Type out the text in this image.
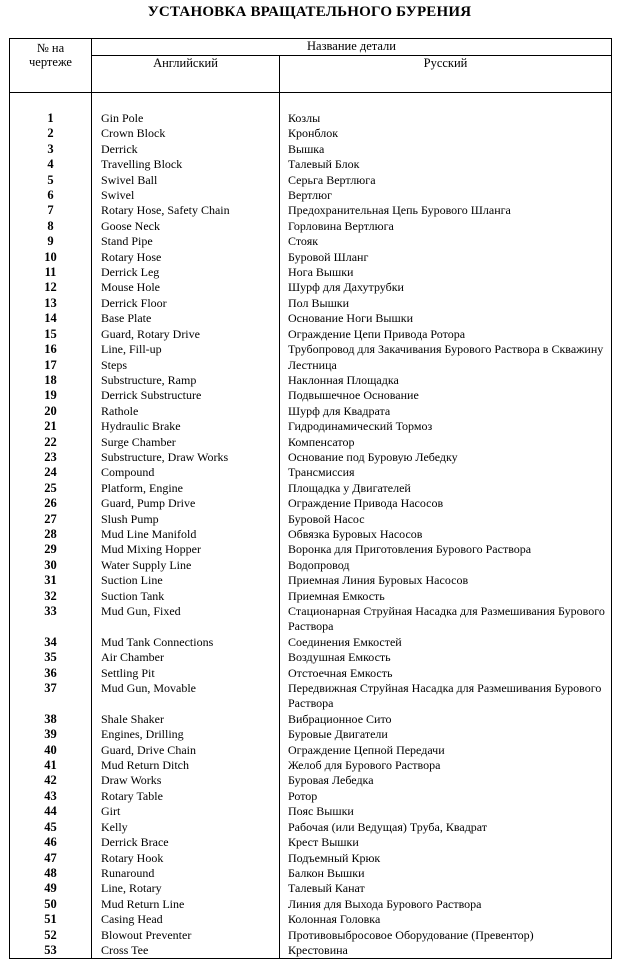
УСТАНОВКА ВРАЩАТЕЛЬНОГО БУРЕНИЯ
№ на
чертеже	Название детали	
	Английский	Русский
1	Gin Pole	Козлы
2	Crown Block	Кронблок
3	Derrick	Вышка
4	Travelling Block	Талевый Блок
5	Swivel Ball	Серьга Вертлюга
6	Swivel	Вертлюг
7	Rotary Hose, Safety Chain	Предохранительная Цепь Бурового Шланга
8	Goose Neck	Горловина Вертлюга
9	Stand Pipe	Стояк
10	Rotary Hose	Буровой Шланг
11	Derrick Leg	Нога Вышки
12	Mouse Hole	Шурф для Дахутрубки
13	Derrick Floor	Пол Вышки
14	Base Plate	Основание Ноги Вышки
15	Guard, Rotary Drive	Ограждение Цепи Привода Ротора
16	Line, Fill-up	Трубопровод для Закачивания Бурового Раствора в Скважину
17	Steps	Лестница
18	Substructure, Ramp	Наклонная Площадка
19	Derrick Substructure	Подвышечное Основание
20	Rathole	Шурф для Квадрата
21	Hydraulic Brake	Гидродинамический Тормоз
22	Surge Chamber	Компенсатор
23	Substructure, Draw Works	Основание под Буровую Лебедку
24	Compound	Трансмиссия
25	Platform, Engine	Площадка у Двигателей
26	Guard, Pump Drive	Ограждение Привода Насосов
27	Slush Pump	Буровой Насос
28	Mud Line Manifold	Обвязка Буровых Насосов
29	Mud Mixing Hopper	Воронка для Приготовления Бурового Раствора
30	Water Supply Line	Водопровод
31	Suction Line	Приемная Линия Буровых Насосов
32	Suction Tank	Приемная Емкость
33	Mud Gun, Fixed	Стационарная Струйная Насадка для Размешивания Бурового Раствора
34	Mud Tank Connections	Соединения Емкостей
35	Air Chamber	Воздушная Емкость
36	Settling Pit	Отстоечная Емкость
37	Mud Gun, Movable	Передвижная Струйная Насадка для Размешивания Бурового Раствора
38	Shale Shaker	Вибрационное Сито
39	Engines, Drilling	Буровые Двигатели
40	Guard, Drive Chain	Ограждение Цепной Передачи
41	Mud Return Ditch	Желоб для Бурового Раствора
42	Draw Works	Буровая Лебедка
43	Rotary Table	Ротор
44	Girt	Пояс Вышки
45	Kelly	Рабочая (или Ведущая) Труба, Квадрат
46	Derrick Brace	Крест Вышки
47	Rotary Hook	Подъемный Крюк
48	Runaround	Балкон Вышки
49	Line, Rotary	Талевый Канат
50	Mud Return Line	Линия для Выхода Бурового Раствора
51	Casing Head	Колонная Головка
52	Blowout Preventer	Противовыбросовое Оборудование (Превентор)
53	Cross Tee	Крестовина
